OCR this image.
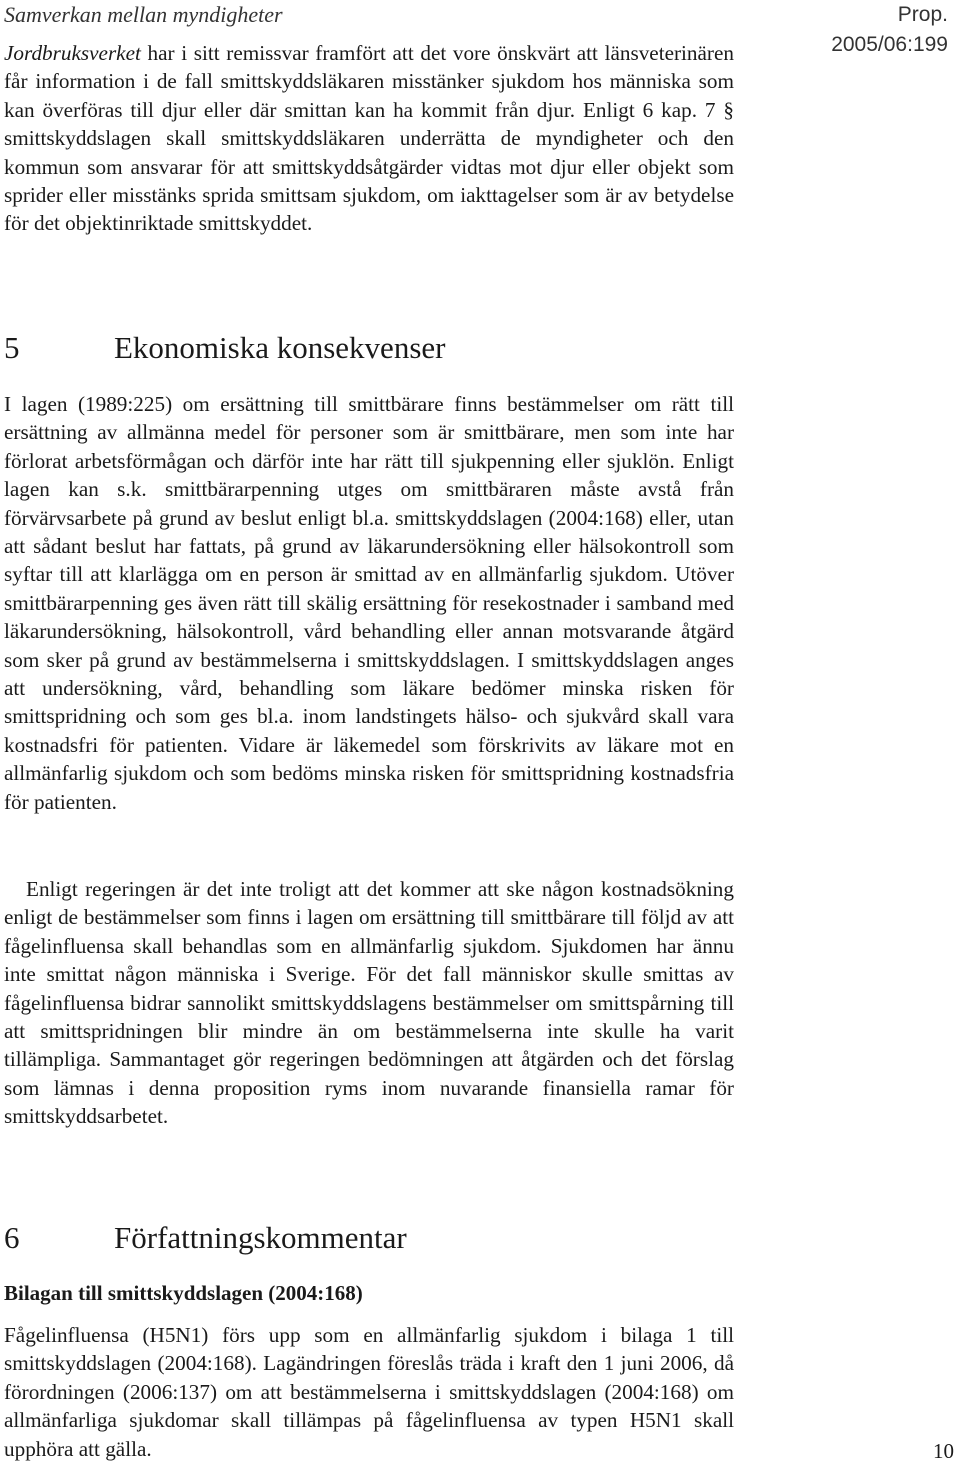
Samverkan mellan myndigheter	Prop. 2005/06:199

Jordbruksverket har i sitt remissvar framfört att det vore önskvärt att länsveterinären får information i de fall smittskyddsläkaren misstänker sjukdom hos människa som kan överföras till djur eller där smittan kan ha kommit från djur. Enligt 6 kap. 7 § smittskyddslagen skall smittskyddsläkaren underrätta de myndigheter och den kommun som ansvarar för att smittskyddsåtgärder vidtas mot djur eller objekt som sprider eller misstänks sprida smittsam sjukdom, om iakttagelser som är av betydelse för det objektinriktade smittskyddet.

5	Ekonomiska konsekvenser

I lagen (1989:225) om ersättning till smittbärare finns bestämmelser om rätt till ersättning av allmänna medel för personer som är smittbärare, men som inte har förlorat arbetsförmågan och därför inte har rätt till sjukpenning eller sjuklön. Enligt lagen kan s.k. smittbärarpenning utges om smittbäraren måste avstå från förvärvsarbete på grund av beslut enligt bl.a. smittskyddslagen (2004:168) eller, utan att sådant beslut har fattats, på grund av läkarundersökning eller hälsokontroll som syftar till att klarlägga om en person är smittad av en allmänfarlig sjukdom. Utöver smittbärarpenning ges även rätt till skälig ersättning för resekostnader i samband med läkarundersökning, hälsokontroll, vård behandling eller annan motsvarande åtgärd som sker på grund av bestämmelserna i smittskyddslagen. I smittskyddslagen anges att undersökning, vård, behandling som läkare bedömer minska risken för smittspridning och som ges bl.a. inom landstingets hälso- och sjukvård skall vara kostnadsfri för patienten. Vidare är läkemedel som förskrivits av läkare mot en allmänfarlig sjukdom och som bedöms minska risken för smittspridning kostnadsfria för patienten.

Enligt regeringen är det inte troligt att det kommer att ske någon kostnadsökning enligt de bestämmelser som finns i lagen om ersättning till smittbärare till följd av att fågelinfluensa skall behandlas som en allmänfarlig sjukdom. Sjukdomen har ännu inte smittat någon människa i Sverige. För det fall människor skulle smittas av fågelinfluensa bidrar sannolikt smittskyddslagens bestämmelser om smittspårning till att smittspridningen blir mindre än om bestämmelserna inte skulle ha varit tillämpliga. Sammantaget gör regeringen bedömningen att åtgärden och det förslag som lämnas i denna proposition ryms inom nuvarande finansiella ramar för smittskyddsarbetet.

6	Författningskommentar
Bilagan till smittskyddslagen (2004:168)

Fågelinfluensa (H5N1) förs upp som en allmänfarlig sjukdom i bilaga 1 till smittskyddslagen (2004:168). Lagändringen föreslås träda i kraft den 1 juni 2006, då förordningen (2006:137) om att bestämmelserna i smittskyddslagen (2004:168) om allmänfarliga sjukdomar skall tillämpas på fågelinfluensa av typen H5N1 skall upphöra att gälla.	10
